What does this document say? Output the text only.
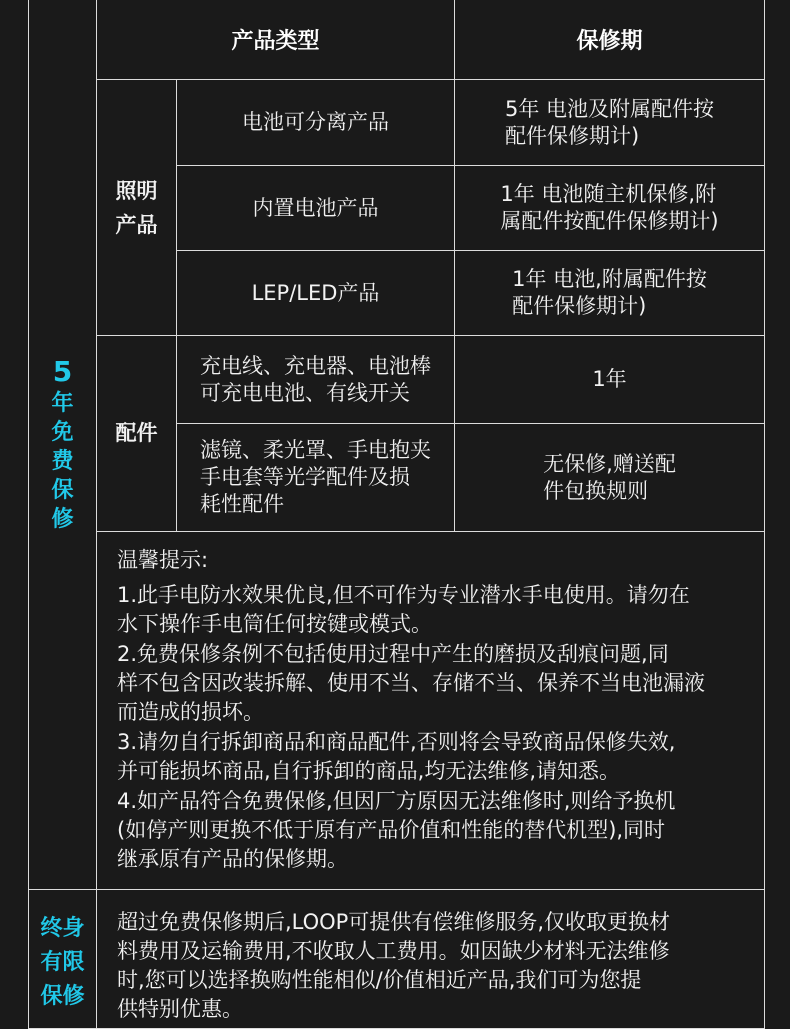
5
年
免
费
保
修
产品类型	保修期
照明
产品
电池可分离产品
5年 电池及附属配件按
配件保修期计)
内置电池产品
1年 电池随主机保修,附
属配件按配件保修期计)
LEP/LED产品
1年 电池,附属配件按
配件保修期计)
配件
充电线、充电器、电池棒
可充电电池、有线开关
1年
滤镜、柔光罩、手电抱夹
手电套等光学配件及损
耗性配件
无保修,赠送配
件包换规则
温馨提示:
1.此手电防水效果优良,但不可作为专业潜水手电使用。请勿在
水下操作手电筒任何按键或模式。
2.免费保修条例不包括使用过程中产生的磨损及刮痕问题,同
样不包含因改装拆解、使用不当、存储不当、保养不当电池漏液
而造成的损坏。
3.请勿自行拆卸商品和商品配件,否则将会导致商品保修失效,
并可能损坏商品,自行拆卸的商品,均无法维修,请知悉。
4.如产品符合免费保修,但因厂方原因无法维修时,则给予换机
(如停产则更换不低于原有产品价值和性能的替代机型),同时
继承原有产品的保修期。
终身
有限
保修
超过免费保修期后,LOOP可提供有偿维修服务,仅收取更换材
料费用及运输费用,不收取人工费用。如因缺少材料无法维修
时,您可以选择换购性能相似/价值相近产品,我们可为您提
供特别优惠。
